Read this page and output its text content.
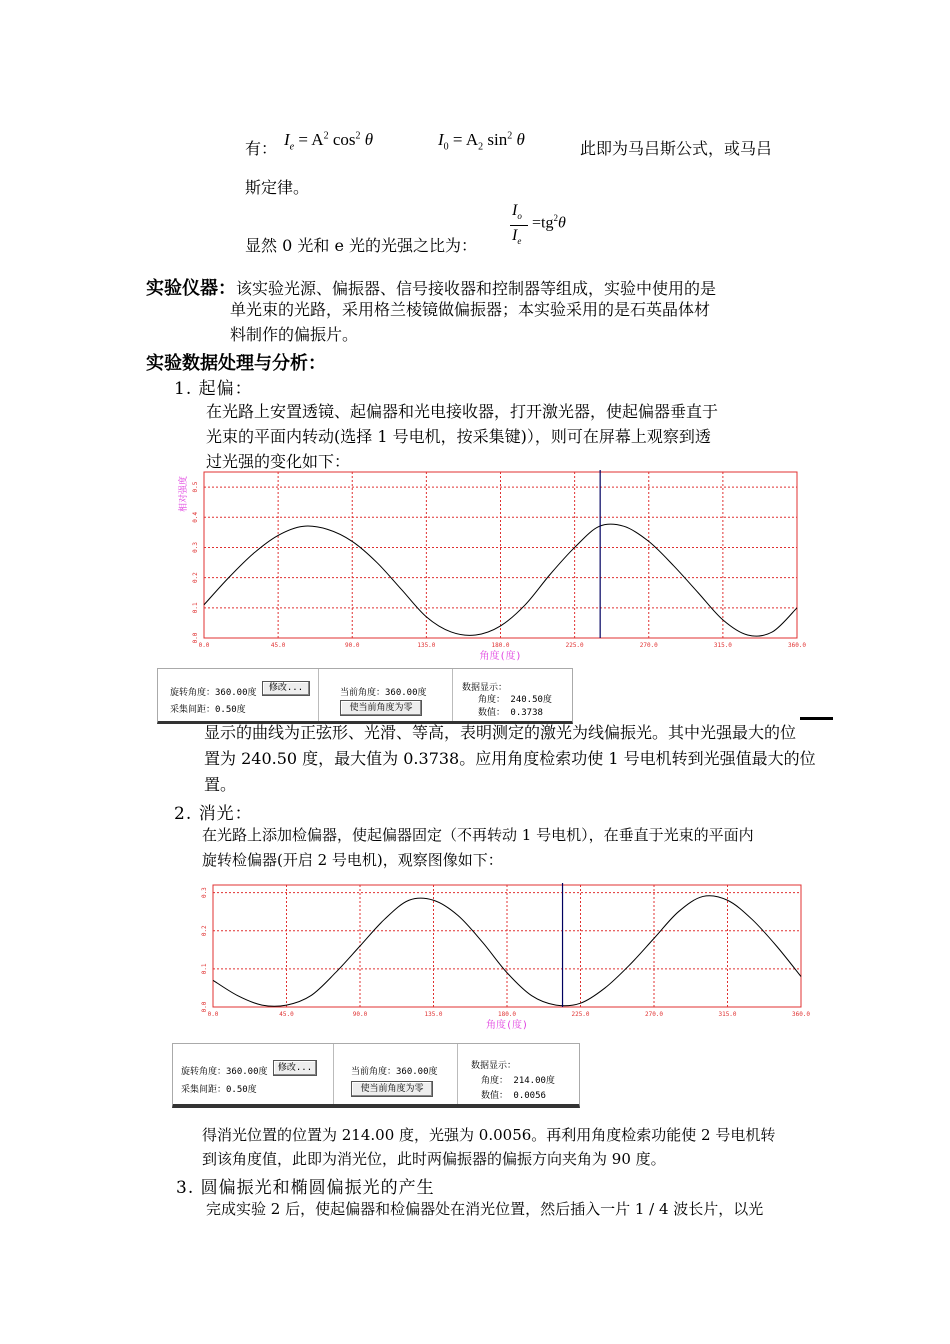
有： $I_e = A^2$ $\cos^2 \theta$	$I_0 = A_2$ $\sin^2 \theta$	此即为马吕斯公式，或马吕
斯定律。
显然 0 光和 e 光的光强之比为：
$I_o$
$I_e$
$=tg^2\theta$
实验仪器：该实验光源、偏振器、信号接收器和控制器等组成，实验中使用的是
单光束的光路，采用格兰棱镜做偏振器；本实验采用的是石英晶体材
料制作的偏振片。
实验数据处理与分析：
1. 起偏：
在光路上安置透镜、起偏器和光电接收器，打开激光器，使起偏器垂直于
光束的平面内转动(选择 1 号电机，按采集键)），则可在屏幕上观察到透
过光强的变化如下：
0.0	45.0	90.0	135.0	180.0	225.0	270.0	315.0	360.0
0.0
0.1
0.2
0.3
0.4
0.5
相对强度
角度(度)
旋转角度：360.00度	修改...
采集间距：0.50度
当前角度：360.00度
使当前角度为零
数据显示：
角度： 240.50度
数值： 0.3738
显示的曲线为正弦形、光滑、等高，表明测定的激光为线偏振光。其中光强最大的位
置为 240.50 度，最大值为 0.3738。应用角度检索功使 1 号电机转到光强值最大的位
置。
2. 消光：
在光路上添加检偏器，使起偏器固定（不再转动 1 号电机），在垂直于光束的平面内
旋转检偏器(开启 2 号电机)，观察图像如下：
0.0	45.0	90.0	135.0	180.0	225.0	270.0	315.0	360.0
0.0
0.1
0.2
0.3
角度(度)
旋转角度：360.00度	修改...
采集间距：0.50度
当前角度：360.00度
使当前角度为零
数据显示：
角度： 214.00度
数值： 0.0056
得消光位置的位置为 214.00 度，光强为 0.0056。再利用角度检索功能使 2 号电机转
到该角度值，此即为消光位，此时两偏振器的偏振方向夹角为 90 度。
3. 圆偏振光和椭圆偏振光的产生
完成实验 2 后，使起偏器和检偏器处在消光位置，然后插入一片 1 / 4 波长片，以光
